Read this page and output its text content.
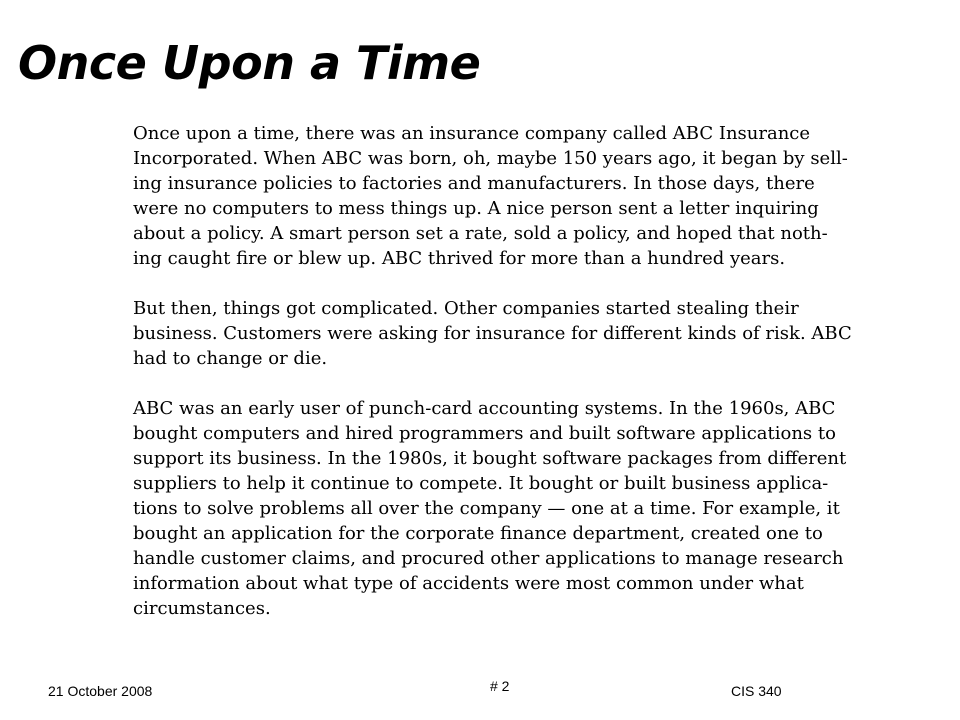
Once Upon a Time
Once upon a time, there was an insurance company called ABC Insurance
Incorporated. When ABC was born, oh, maybe 150 years ago, it began by sell-
ing insurance policies to factories and manufacturers. In those days, there
were no computers to mess things up. A nice person sent a letter inquiring
about a policy. A smart person set a rate, sold a policy, and hoped that noth-
ing caught fire or blew up. ABC thrived for more than a hundred years.
But then, things got complicated. Other companies started stealing their
business. Customers were asking for insurance for different kinds of risk. ABC
had to change or die.
ABC was an early user of punch-card accounting systems. In the 1960s, ABC
bought computers and hired programmers and built software applications to
support its business. In the 1980s, it bought software packages from different
suppliers to help it continue to compete. It bought or built business applica-
tions to solve problems all over the company — one at a time. For example, it
bought an application for the corporate finance department, created one to
handle customer claims, and procured other applications to manage research
information about what type of accidents were most common under what
circumstances.
21 October 2008	# 2	CIS 340
